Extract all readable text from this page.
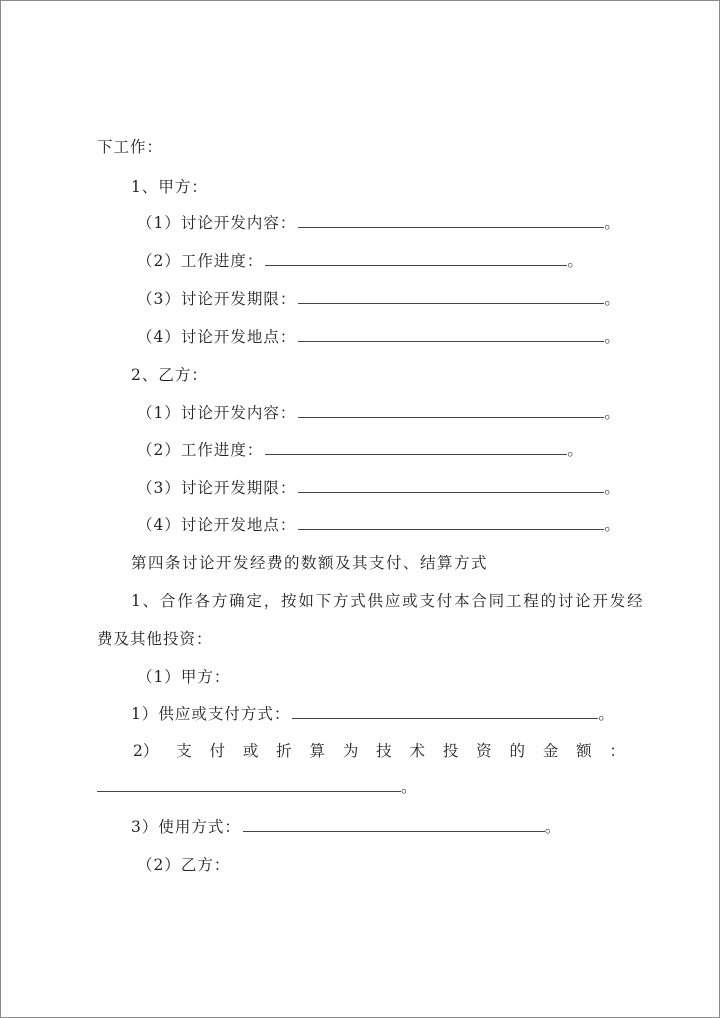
下工作：
1、甲方：
（1）讨论开发内容：	。
（2）工作进度：	。
（3）讨论开发期限：	。
（4）讨论开发地点：	。
2、乙方：
（1）讨论开发内容：	。
（2）工作进度：	。
（3）讨论开发期限：	。
（4）讨论开发地点：	。
第四条讨论开发经费的数额及其支付、结算方式
1、合作各方确定，按如下方式供应或支付本合同工程的讨论开发经
费及其他投资：
（1）甲方：
1）供应或支付方式：	。
2） 支 付 或 折 算 为 技 术 投 资 的 金 额 ：
。
3）使用方式：	。
（2）乙方：
